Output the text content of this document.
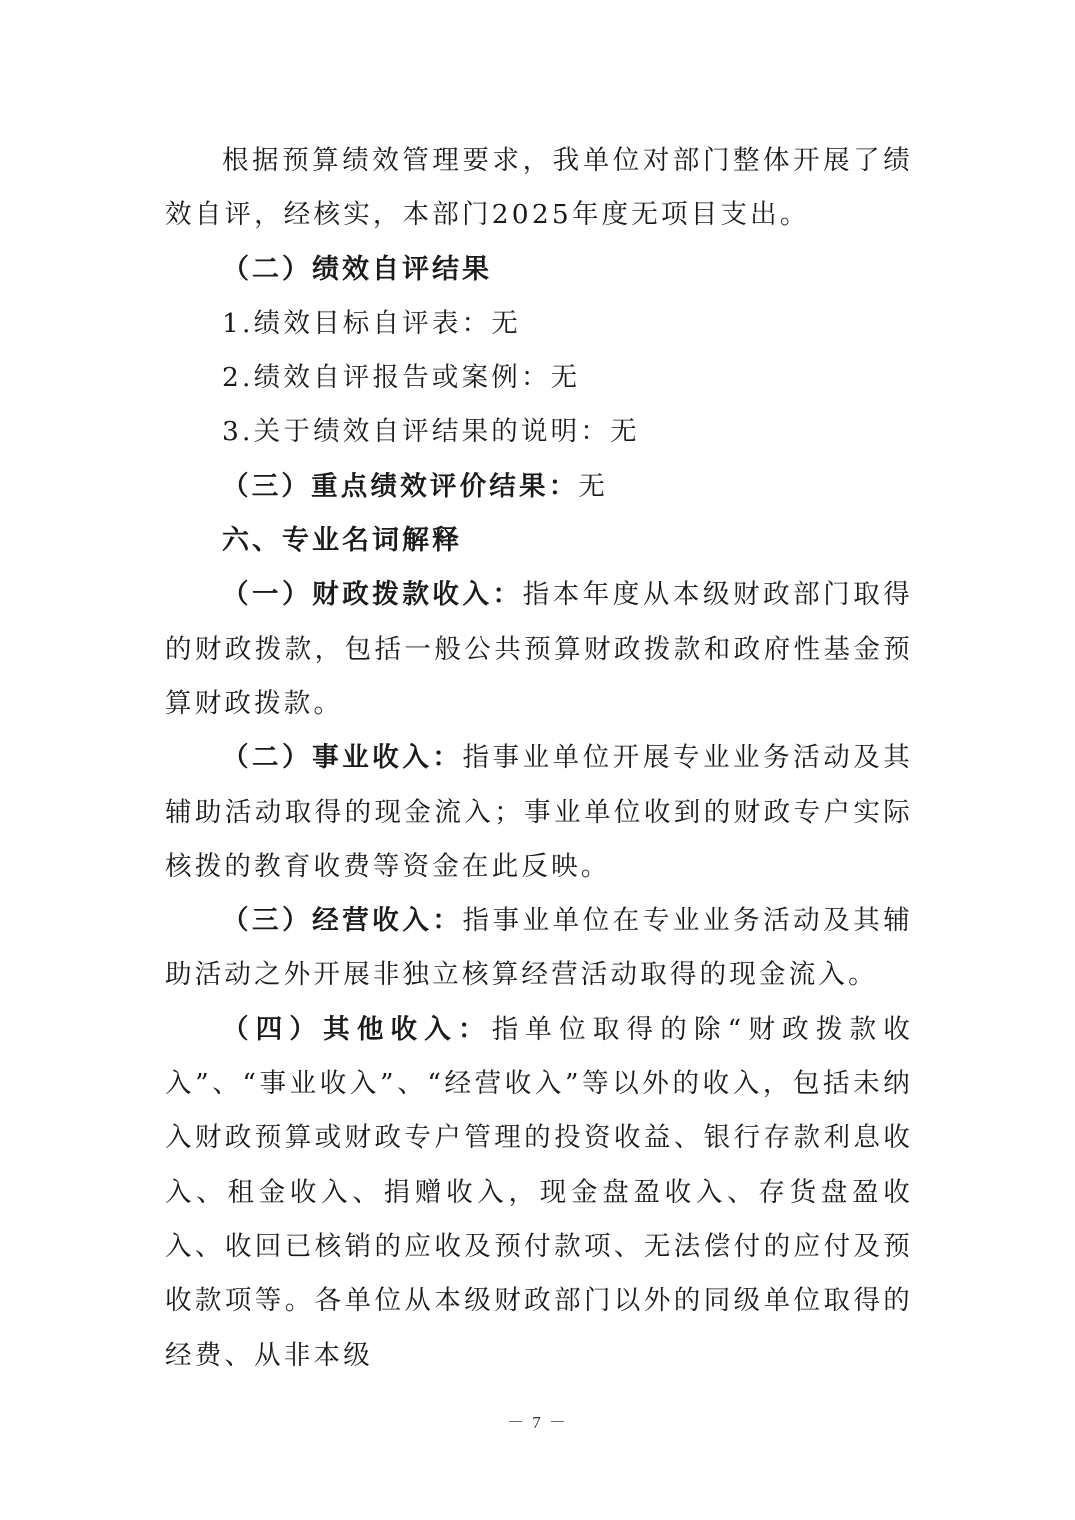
根据预算绩效管理要求，我单位对部门整体开展了绩效自评，经核实，本部门2025年度无项目支出。

（二）绩效自评结果

1.绩效目标自评表：无

2.绩效自评报告或案例：无

3.关于绩效自评结果的说明：无

（三）重点绩效评价结果：无

六、专业名词解释

（一）财政拨款收入：指本年度从本级财政部门取得的财政拨款，包括一般公共预算财政拨款和政府性基金预算财政拨款。

（二）事业收入：指事业单位开展专业业务活动及其辅助活动取得的现金流入；事业单位收到的财政专户实际核拨的教育收费等资金在此反映。

（三）经营收入：指事业单位在专业业务活动及其辅助活动之外开展非独立核算经营活动取得的现金流入。

（四）其他收入：指单位取得的除“财政拨款收入”、“事业收入”、“经营收入”等以外的收入，包括未纳入财政预算或财政专户管理的投资收益、银行存款利息收入、租金收入、捐赠收入，现金盘盈收入、存货盘盈收入、收回已核销的应收及预付款项、无法偿付的应付及预收款项等。各单位从本级财政部门以外的同级单位取得的经费、从非本级

－ 7 －
